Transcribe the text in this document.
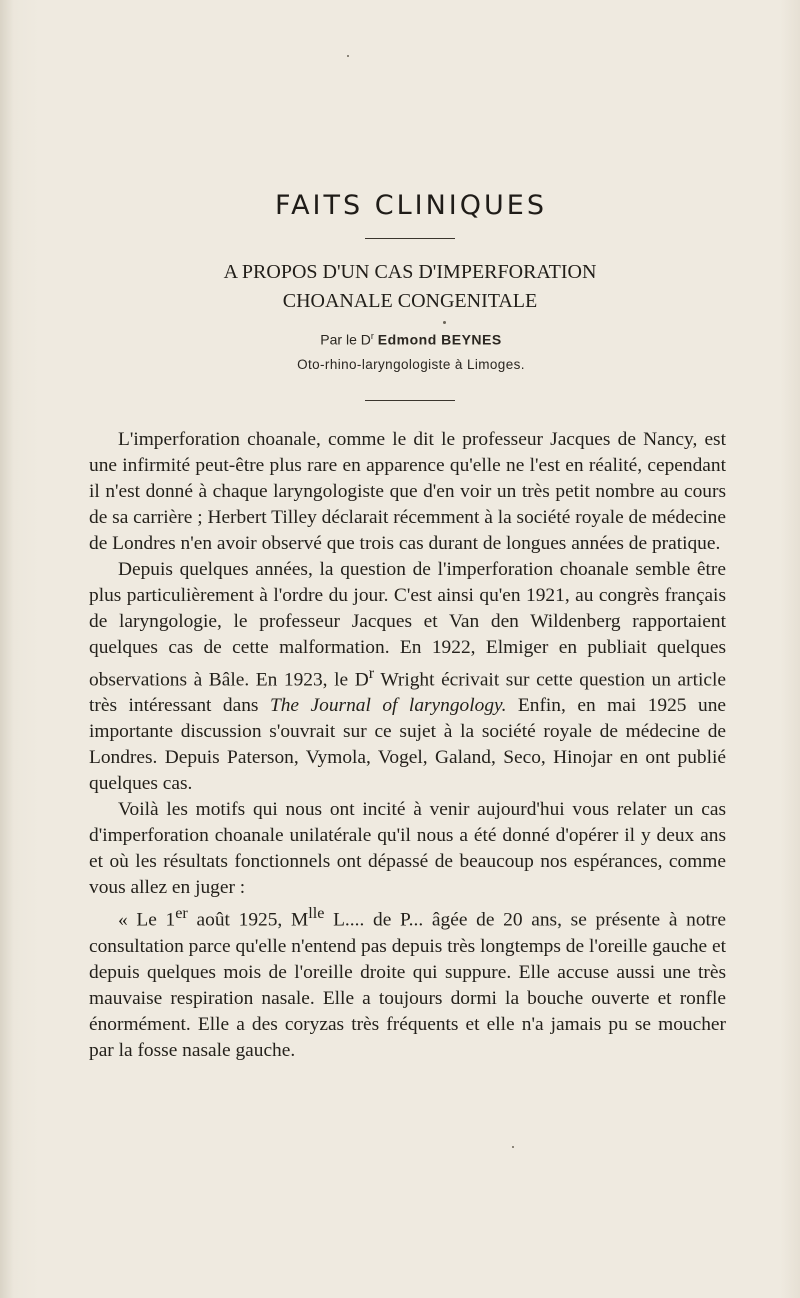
FAITS CLINIQUES
A PROPOS D'UN CAS D'IMPERFORATION
CHOANALE CONGENITALE
Par le $D^r$ Edmond BEYNES
Oto-rhino-laryngologiste à Limoges.

L'imperforation choanale, comme le dit le professeur Jacques de Nancy, est une infirmité peut-être plus rare en apparence qu'elle ne l'est en réalité, cependant il n'est donné à chaque laryngologiste que d'en voir un très petit nombre au cours de sa carrière ; Herbert Tilley déclarait récemment à la société royale de médecine de Londres n'en avoir observé que trois cas durant de longues années de pratique.

Depuis quelques années, la question de l'imperforation choanale semble être plus particulièrement à l'ordre du jour. C'est ainsi qu'en 1921, au congrès français de laryngologie, le professeur Jacques et Van den Wildenberg rapportaient quelques cas de cette malformation. En 1922, Elmiger en publiait quelques observations à Bâle. En 1923, le $D^r$ Wright écrivait sur cette question un article très intéressant dans The Journal of laryngology. Enfin, en mai 1925 une importante discussion s'ouvrait sur ce sujet à la société royale de médecine de Londres. Depuis Paterson, Vymola, Vogel, Galand, Seco, Hinojar en ont publié quelques cas.

Voilà les motifs qui nous ont incité à venir aujourd'hui vous relater un cas d'imperforation choanale unilatérale qu'il nous a été donné d'opérer il y deux ans et où les résultats fonctionnels ont dépassé de beaucoup nos espérances, comme vous allez en juger :

« Le 1er août 1925, $M^{lle}$ L.... de P... âgée de 20 ans, se présente à notre consultation parce qu'elle n'entend pas depuis très longtemps de l'oreille gauche et depuis quelques mois de l'oreille droite qui suppure. Elle accuse aussi une très mauvaise respiration nasale. Elle a toujours dormi la bouche ouverte et ronfle énormément. Elle a des coryzas très fréquents et elle n'a jamais pu se moucher par la fosse nasale gauche.
